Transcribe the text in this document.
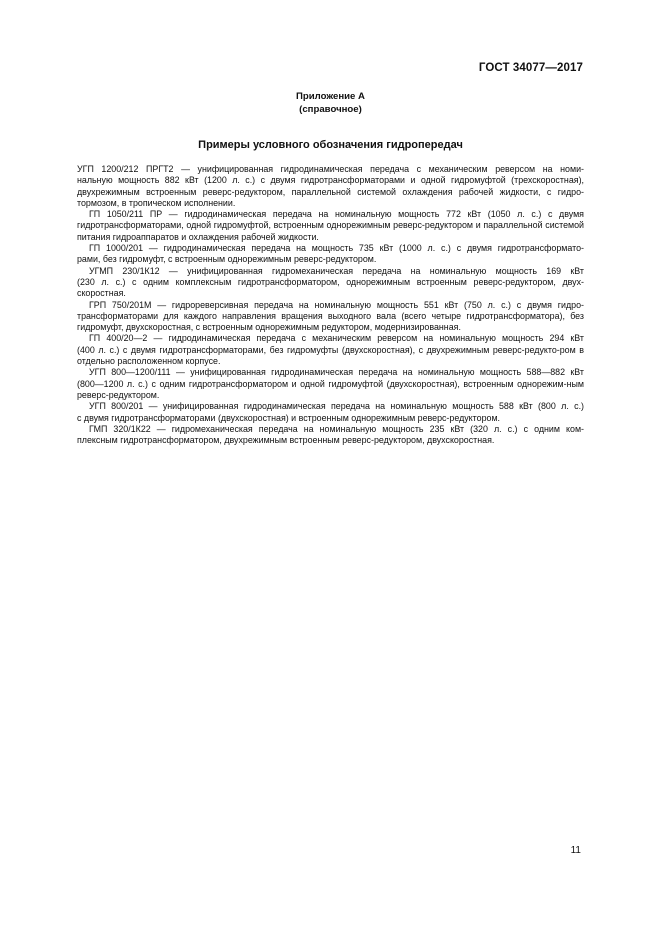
ГОСТ 34077—2017
Приложение А
(справочное)
Примеры условного обозначения гидропередач

УГП 1200/212 ПРГТ2 — унифицированная гидродинамическая передача с механическим реверсом на номи-
нальную мощность 882 кВт (1200 л. с.) с двумя гидротрансформаторами и одной гидромуфтой (трехскоростная), двухрежимным встроенным реверс-редуктором, параллельной системой охлаждения рабочей жидкости, с гидро-тормозом, в тропическом исполнении.

ГП 1050/211 ПР — гидродинамическая передача на номинальную мощность 772 кВт (1050 л. с.) с двумя
гидротрансформаторами, одной гидромуфтой, встроенным однорежимным реверс-редуктором и параллельной системой питания гидроаппаратов и охлаждения рабочей жидкости.

ГП 1000/201 — гидродинамическая передача на мощность 735 кВт (1000 л. с.) с двумя гидротрансформато-
рами, без гидромуфт, с встроенным однорежимным реверс-редуктором.

УГМП 230/1К12 — унифицированная гидромеханическая передача на номинальную мощность 169 кВт
(230 л. с.) с одним комплексным гидротрансформатором, однорежимным встроенным реверс-редуктором, двух-скоростная.

ГРП 750/201М — гидрореверсивная передача на номинальную мощность 551 кВт (750 л. с.) с двумя гидро-
трансформаторами для каждого направления вращения выходного вала (всего четыре гидротрансформатора), без гидромуфт, двухскоростная, с встроенным однорежимным редуктором, модернизированная.

ГП 400/20—2 — гидродинамическая передача с механическим реверсом на номинальную мощность 294 кВт
(400 л. с.) с двумя гидротрансформаторами, без гидромуфты (двухскоростная), с двухрежимным реверс-редукто-ром в отдельно расположенном корпусе.

УГП 800—1200/111 — унифицированная гидродинамическая передача на номинальную мощность 588—882 кВт
(800—1200 л. с.) с одним гидротрансформатором и одной гидромуфтой (двухскоростная), встроенным однорежим-ным реверс-редуктором.

УГП 800/201 — унифицированная гидродинамическая передача на номинальную мощность 588 кВт (800 л. с.)
с двумя гидротрансформаторами (двухскоростная) и встроенным однорежимным реверс-редуктором.

ГМП 320/1К22 — гидромеханическая передача на номинальную мощность 235 кВт (320 л. с.) с одним ком-
плексным гидротрансформатором, двухрежимным встроенным реверс-редуктором, двухскоростная.

11
